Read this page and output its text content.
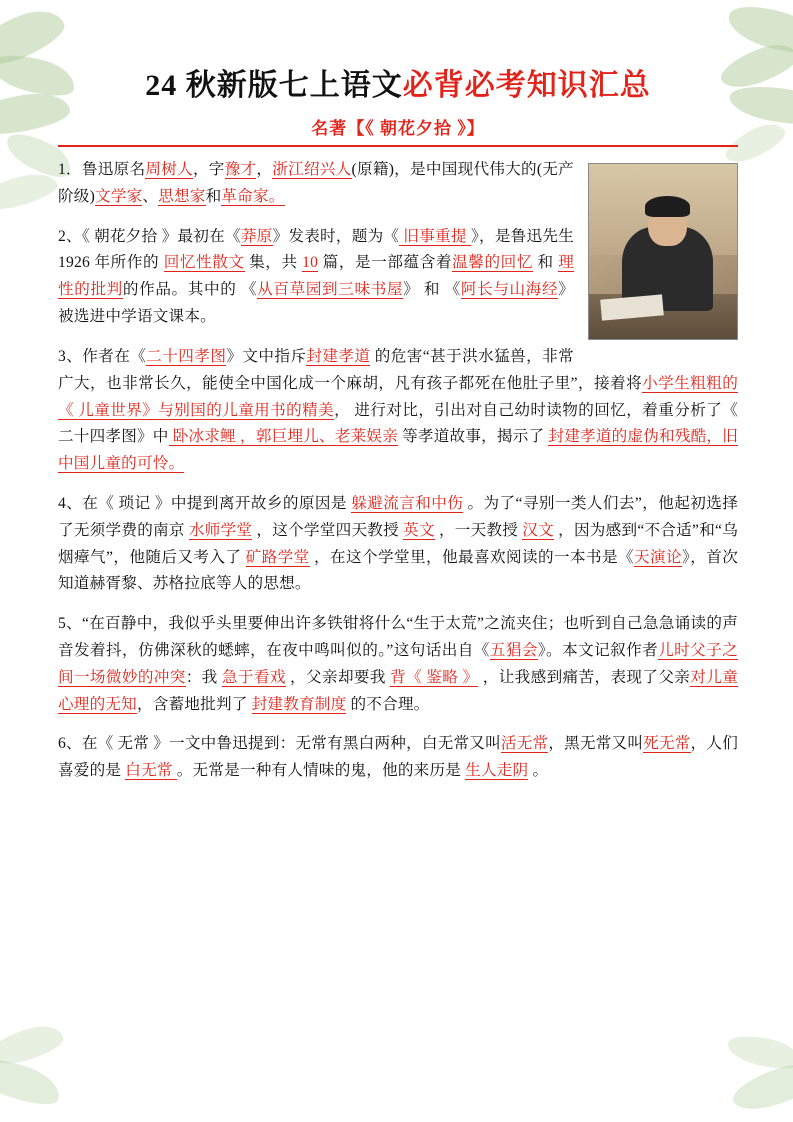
24 秋新版七上语文必背必考知识汇总
名著【《 朝花夕拾 》】

1．鲁迅原名周树人，字豫才，浙江绍兴人(原籍)，是中国现代伟大的(无产阶级)文学家、思想家和革命家。

2、《 朝花夕拾 》最初在《莽原》发表时，题为《 旧事重提 》，是鲁迅先生 1926 年所作的 回忆性散文 集，共 10 篇，是一部蕴含着温馨的回忆 和 理性的批判的作品。其中的 《从百草园到三味书屋》 和 《阿长与山海经》被选进中学语文课本。

3、作者在《二十四孝图》文中指斥封建孝道 的危害“甚于洪水猛兽，非常广大，也非常长久，能使全中国化成一个麻胡，凡有孩子都死在他肚子里”，接着将小学生粗粗的《 儿童世界》与别国的儿童用书的精美， 进行对比，引出对自己幼时读物的回忆，着重分析了《 二十四孝图》中 卧冰求鲤 ，郭巨埋儿、老莱娱亲 等孝道故事，揭示了 封建孝道的虚伪和残酷，旧中国儿童的可怜。

4、在《 琐记 》中提到离开故乡的原因是 躲避流言和中伤 。为了“寻别一类人们去”，他起初选择了无须学费的南京 水师学堂 ，这个学堂四天教授 英文 ，一天教授 汉文 ，因为感到“不合适”和“乌烟瘴气”，他随后又考入了 矿路学堂 ，在这个学堂里，他最喜欢阅读的一本书是《天演论》，首次知道赫胥黎、苏格拉底等人的思想。

5、“在百静中，我似乎头里要伸出许多铁钳将什么“生于太荒”之流夹住；也听到自己急急诵读的声音发着抖，仿佛深秋的蟋蟀，在夜中鸣叫似的。”这句话出自《五猖会》。本文记叙作者儿时父子之间一场微妙的冲突：我 急于看戏 ，父亲却要我 背《 鉴略 》 ，让我感到痛苦，表现了父亲对儿童心理的无知，含蓄地批判了 封建教育制度 的不合理。

6、在《 无常 》一文中鲁迅提到：无常有黑白两种，白无常又叫活无常，黑无常又叫死无常，人们喜爱的是 白无常 。无常是一种有人情味的鬼，他的来历是 生人走阴 。
